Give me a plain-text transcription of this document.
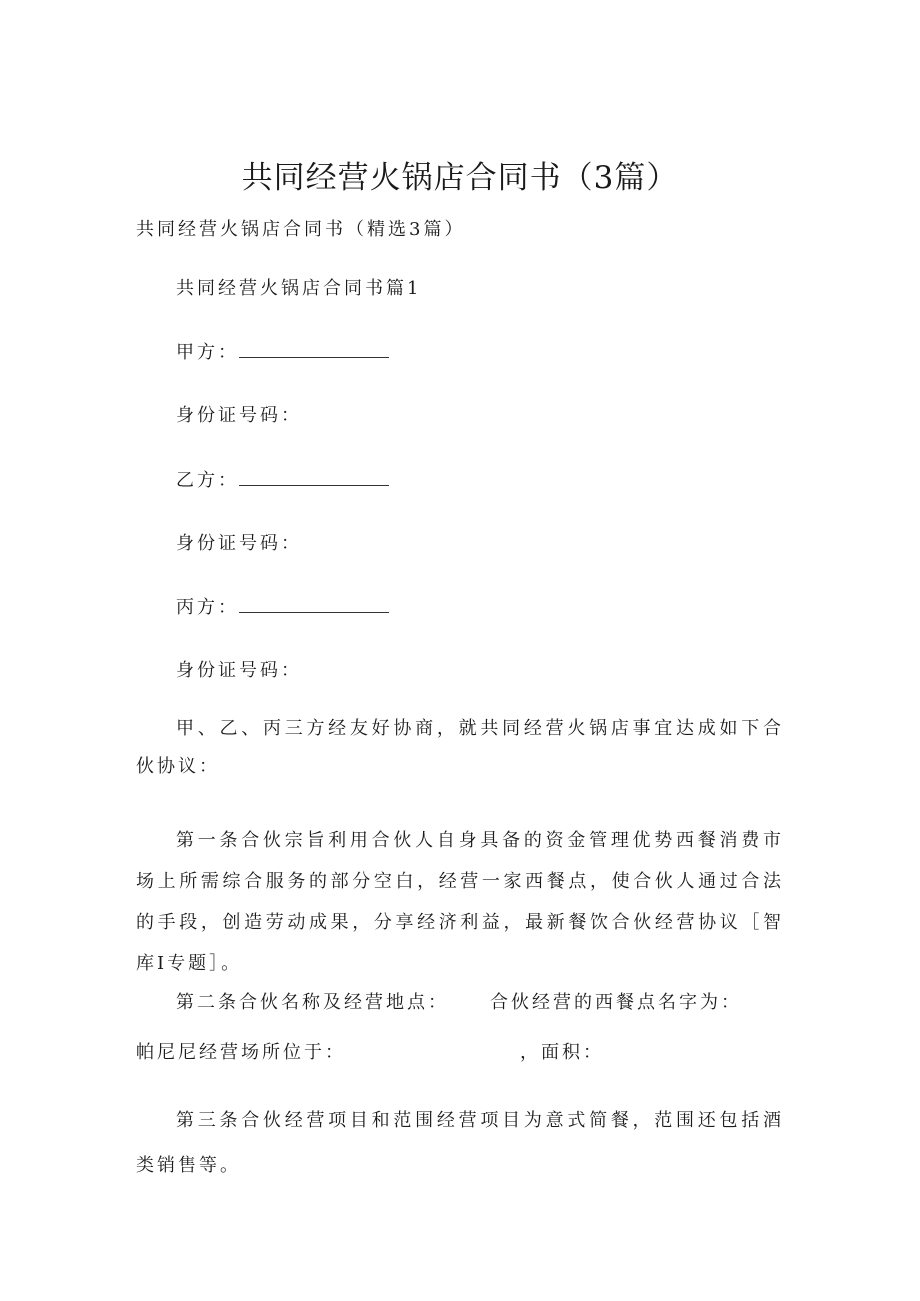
共同经营火锅店合同书（3篇）
共同经营火锅店合同书（精选3篇）
共同经营火锅店合同书篇1
甲方：
身份证号码：
乙方：
身份证号码：
丙方：
身份证号码：
甲、乙、丙三方经友好协商，就共同经营火锅店事宜达成如下合伙协议：
第一条合伙宗旨利用合伙人自身具备的资金管理优势西餐消费市场上所需综合服务的部分空白，经营一家西餐点，使合伙人通过合法的手段，创造劳动成果，分享经济利益，最新餐饮合伙经营协议［智库I专题］。
第二条合伙名称及经营地点： 合伙经营的西餐点名字为：
帕尼尼经营场所位于：	，面积：
第三条合伙经营项目和范围经营项目为意式简餐，范围还包括酒类销售等。
